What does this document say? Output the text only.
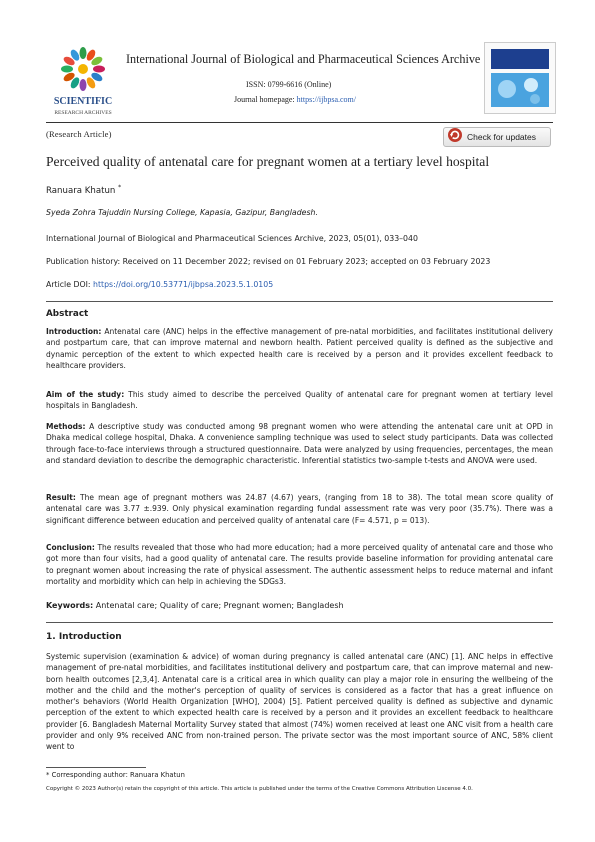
SCIENTIFIC
RESEARCH ARCHIVES
International Journal of Biological and Pharmaceutical Sciences Archive
ISSN: 0799-6616 (Online)
Journal homepage: https://ijbpsa.com/
(Research Article)	Check for updates
Perceived quality of antenatal care for pregnant women at a tertiary level hospital
Ranuara Khatun *
Syeda Zohra Tajuddin Nursing College, Kapasia, Gazipur, Bangladesh.
International Journal of Biological and Pharmaceutical Sciences Archive, 2023, 05(01), 033–040
Publication history: Received on 11 December 2022; revised on 01 February 2023; accepted on 03 February 2023
Article DOI: https://doi.org/10.53771/ijbpsa.2023.5.1.0105
Abstract
Introduction: Antenatal care (ANC) helps in the effective management of pre-natal morbidities, and facilitates institutional delivery and postpartum care, that can improve maternal and newborn health. Patient perceived quality is defined as the subjective and dynamic perception of the extent to which expected health care is received by a person and it provides excellent feedback to healthcare providers.
Aim of the study: This study aimed to describe the perceived Quality of antenatal care for pregnant women at tertiary level hospitals in Bangladesh.
Methods: A descriptive study was conducted among 98 pregnant women who were attending the antenatal care unit at OPD in Dhaka medical college hospital, Dhaka. A convenience sampling technique was used to select study participants. Data was collected through face-to-face interviews through a structured questionnaire. Data were analyzed by using frequencies, percentages, the mean and standard deviation to describe the demographic characteristic. Inferential statistics two-sample t-tests and ANOVA were used.
Result: The mean age of pregnant mothers was 24.87 (4.67) years, (ranging from 18 to 38). The total mean score quality of antenatal care was 3.77 ±.939. Only physical examination regarding fundal assessment rate was very poor (35.7%). There was a significant difference between education and perceived quality of antenatal care (F= 4.571, p = 013).
Conclusion: The results revealed that those who had more education; had a more perceived quality of antenatal care and those who got more than four visits, had a good quality of antenatal care. The results provide baseline information for providing antenatal care to pregnant women about increasing the rate of physical assessment. The authentic assessment helps to reduce maternal and infant mortality and morbidity which can help in achieving the SDGs3.
Keywords: Antenatal care; Quality of care; Pregnant women; Bangladesh
1. Introduction
Systemic supervision (examination & advice) of woman during pregnancy is called antenatal care (ANC) [1]. ANC helps in effective management of pre-natal morbidities, and facilitates institutional delivery and postpartum care, that can improve maternal and new-born health outcomes [2,3,4]. Antenatal care is a critical area in which quality can play a major role in ensuring the wellbeing of the mother and the child and the mother's perception of quality of services is considered as a factor that has a great influence on mother's behaviors (World Health Organization [WHO], 2004) [5]. Patient perceived quality is defined as subjective and dynamic perception of the extent to which expected health care is received by a person and it provides an excellent feedback to healthcare provider [6. Bangladesh Maternal Mortality Survey stated that almost (74%) women received at least one ANC visit from a health care provider and only 9% received ANC from non-trained person. The private sector was the most important source of ANC, 58% client went to
* Corresponding author: Ranuara Khatun
Copyright © 2023 Author(s) retain the copyright of this article. This article is published under the terms of the Creative Commons Attribution Liscense 4.0.
